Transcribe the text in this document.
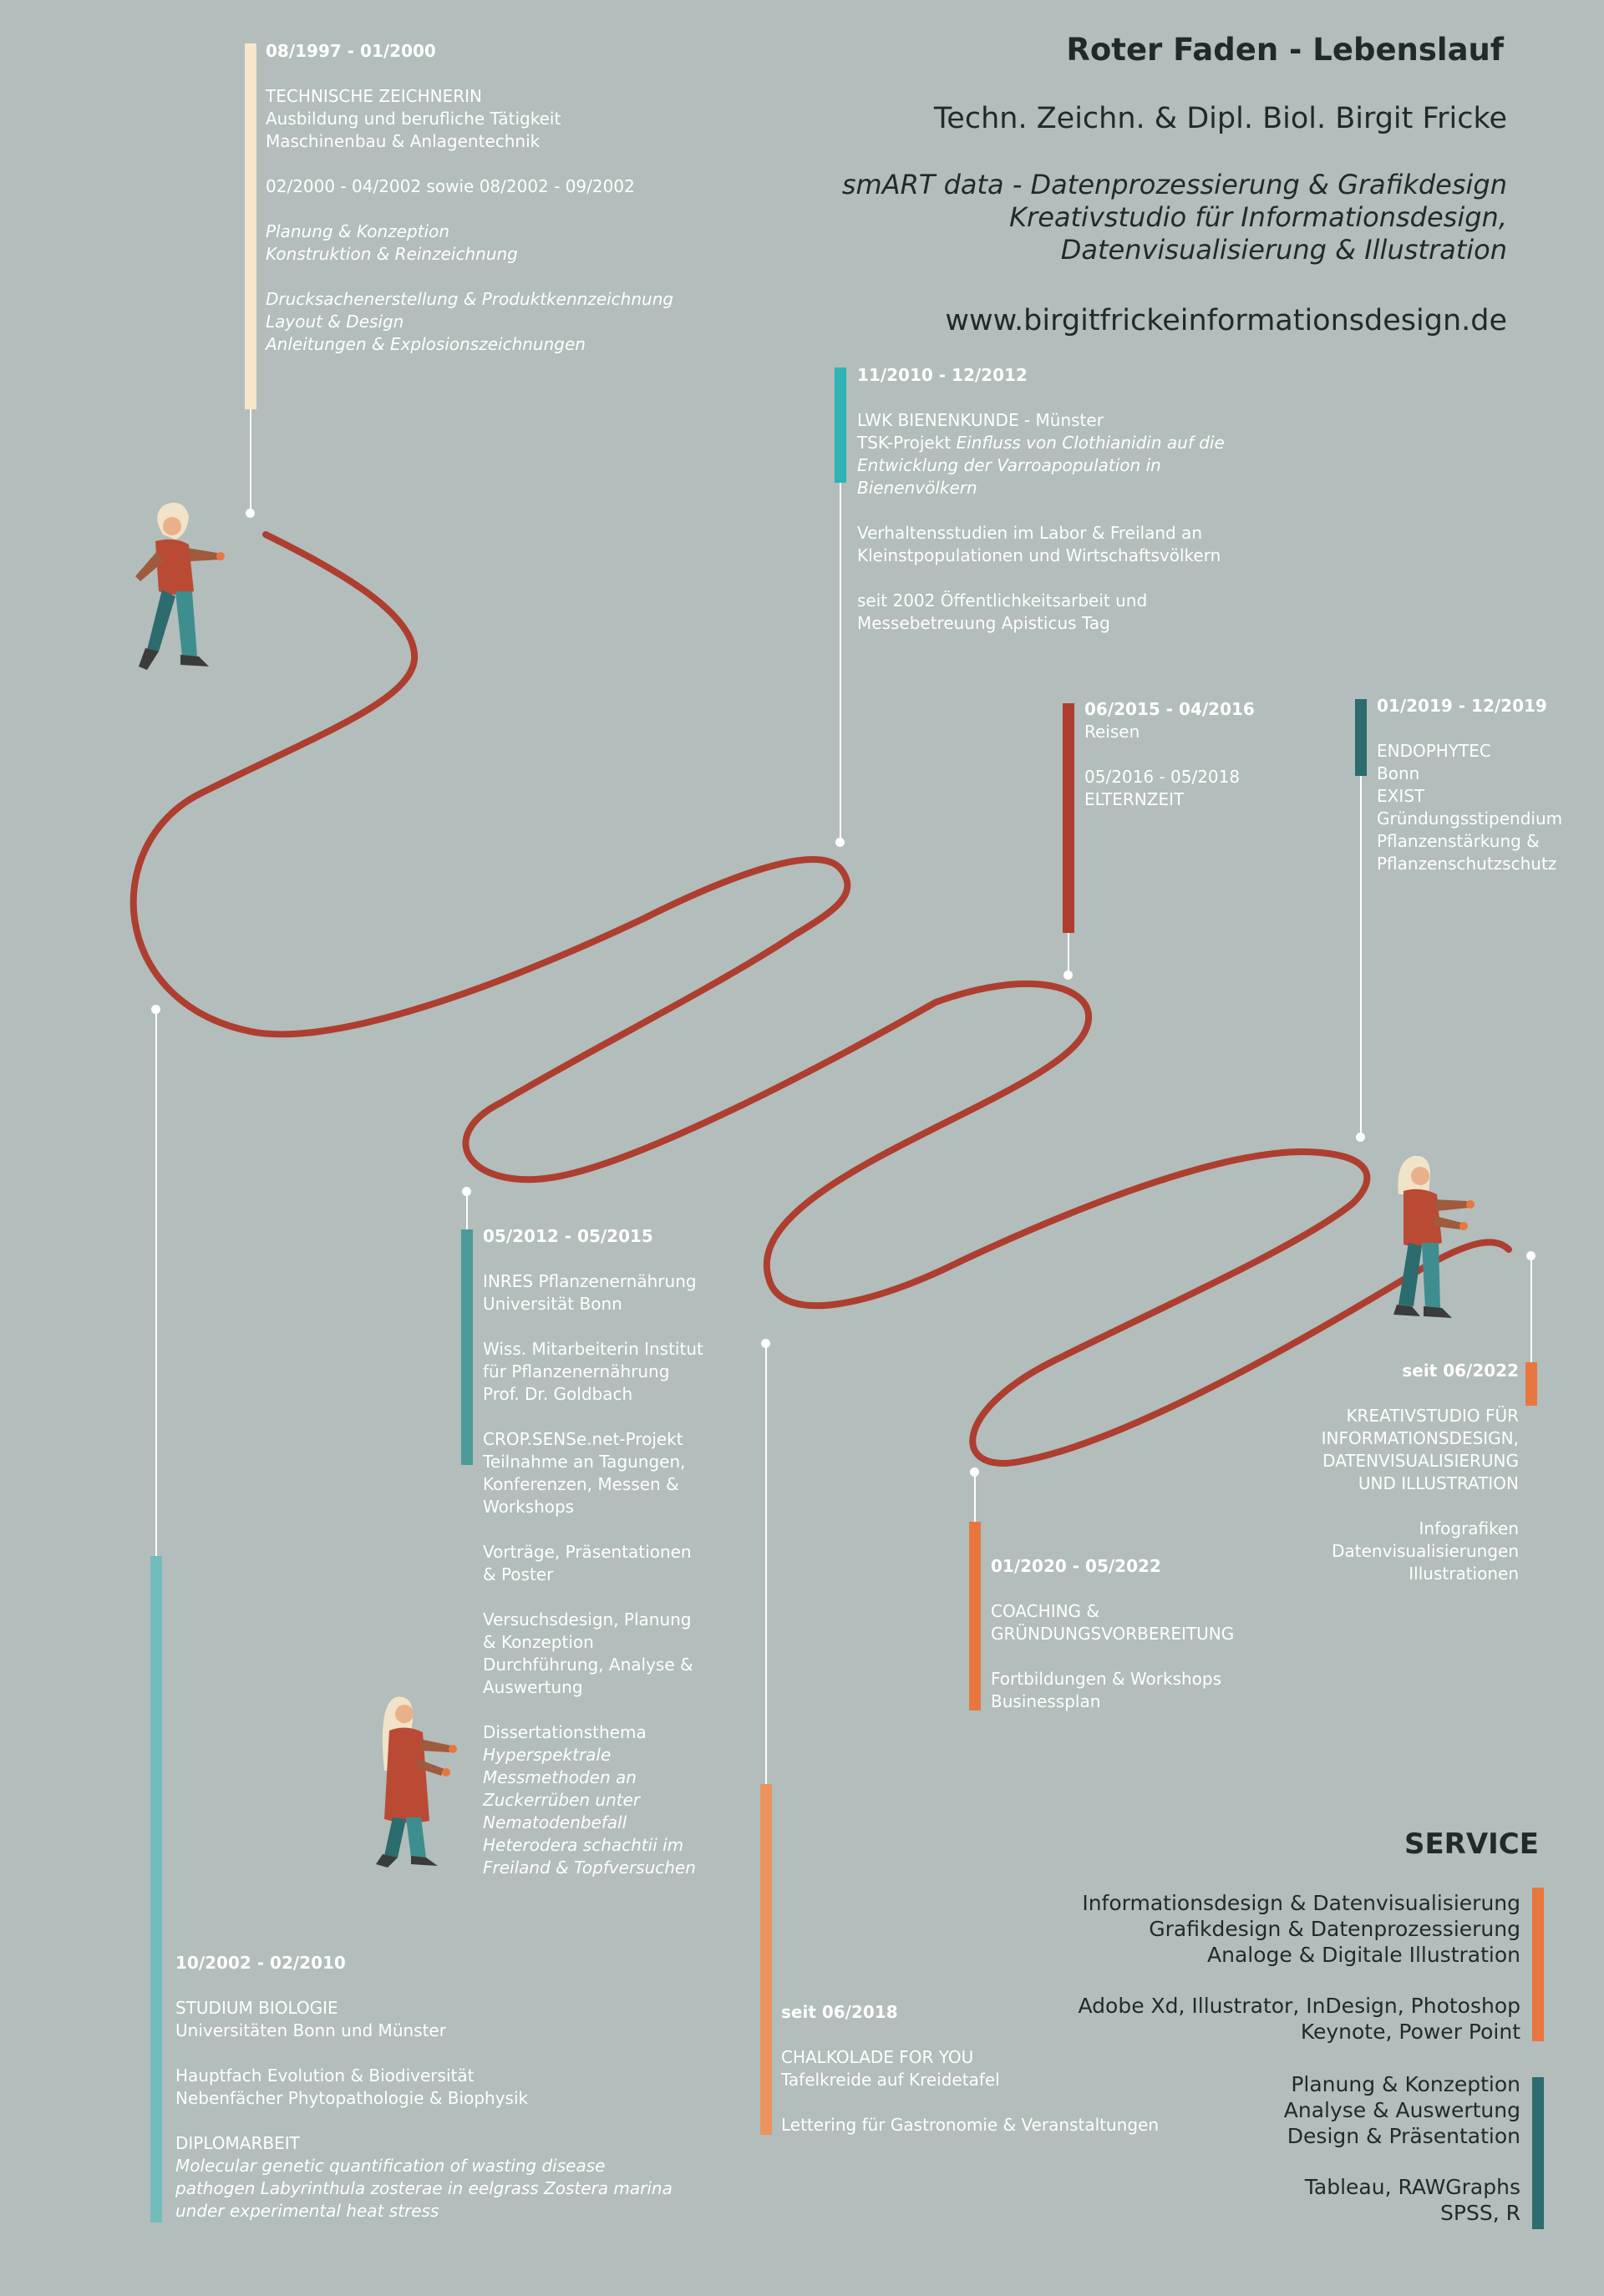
Roter Faden - Lebenslauf
Techn. Zeichn. & Dipl. Biol. Birgit Fricke
smART data - Datenprozessierung & Grafikdesign
Kreativstudio für Informationsdesign,
Datenvisualisierung & Illustration
www.birgitfrickeinformationsdesign.de
08/1997 - 01/2000
TECHNISCHE ZEICHNERIN
Ausbildung und berufliche Tätigkeit
Maschinenbau & Anlagentechnik
02/2000 - 04/2002 sowie 08/2002 - 09/2002
Planung & Konzeption
Konstruktion & Reinzeichnung
Drucksachenerstellung & Produktkennzeichnung
Layout & Design
Anleitungen & Explosionszeichnungen
11/2010 - 12/2012
LWK BIENENKUNDE - Münster
TSK-Projekt Einfluss von Clothianidin auf die
Entwicklung der Varroapopulation in
Bienenvölkern
Verhaltensstudien im Labor & Freiland an
Kleinstpopulationen und Wirtschaftsvölkern
seit 2002 Öffentlichkeitsarbeit und
Messebetreuung Apisticus Tag
06/2015 - 04/2016
Reisen
05/2016 - 05/2018
ELTERNZEIT
01/2019 - 12/2019
ENDOPHYTEC
Bonn
EXIST
Gründungsstipendium
Pflanzenstärkung &
Pflanzenschutzschutz
05/2012 - 05/2015
INRES Pflanzenernährung
Universität Bonn
Wiss. Mitarbeiterin Institut
für Pflanzenernährung
Prof. Dr. Goldbach
CROP.SENSe.net-Projekt
Teilnahme an Tagungen,
Konferenzen, Messen &
Workshops
Vorträge, Präsentationen
& Poster
Versuchsdesign, Planung
& Konzeption
Durchführung, Analyse &
Auswertung
Dissertationsthema
Hyperspektrale
Messmethoden an
Zuckerrüben unter
Nematodenbefall
Heterodera schachtii im
Freiland & Topfversuchen
01/2020 - 05/2022
COACHING &
GRÜNDUNGSVORBEREITUNG
Fortbildungen & Workshops
Businessplan
seit 06/2022
KREATIVSTUDIO FÜR
INFORMATIONSDESIGN,
DATENVISUALISIERUNG
UND ILLUSTRATION
Infografiken
Datenvisualisierungen
Illustrationen
10/2002 - 02/2010
STUDIUM BIOLOGIE
Universitäten Bonn und Münster
Hauptfach Evolution & Biodiversität
Nebenfächer Phytopathologie & Biophysik
DIPLOMARBEIT
Molecular genetic quantification of wasting disease
pathogen Labyrinthula zosterae in eelgrass Zostera marina
under experimental heat stress
seit 06/2018
CHALKOLADE FOR YOU
Tafelkreide auf Kreidetafel
Lettering für Gastronomie & Veranstaltungen
SERVICE
Informationsdesign & Datenvisualisierung
Grafikdesign & Datenprozessierung
Analoge & Digitale Illustration
Adobe Xd, Illustrator, InDesign, Photoshop
Keynote, Power Point
Planung & Konzeption
Analyse & Auswertung
Design & Präsentation
Tableau, RAWGraphs
SPSS, R
